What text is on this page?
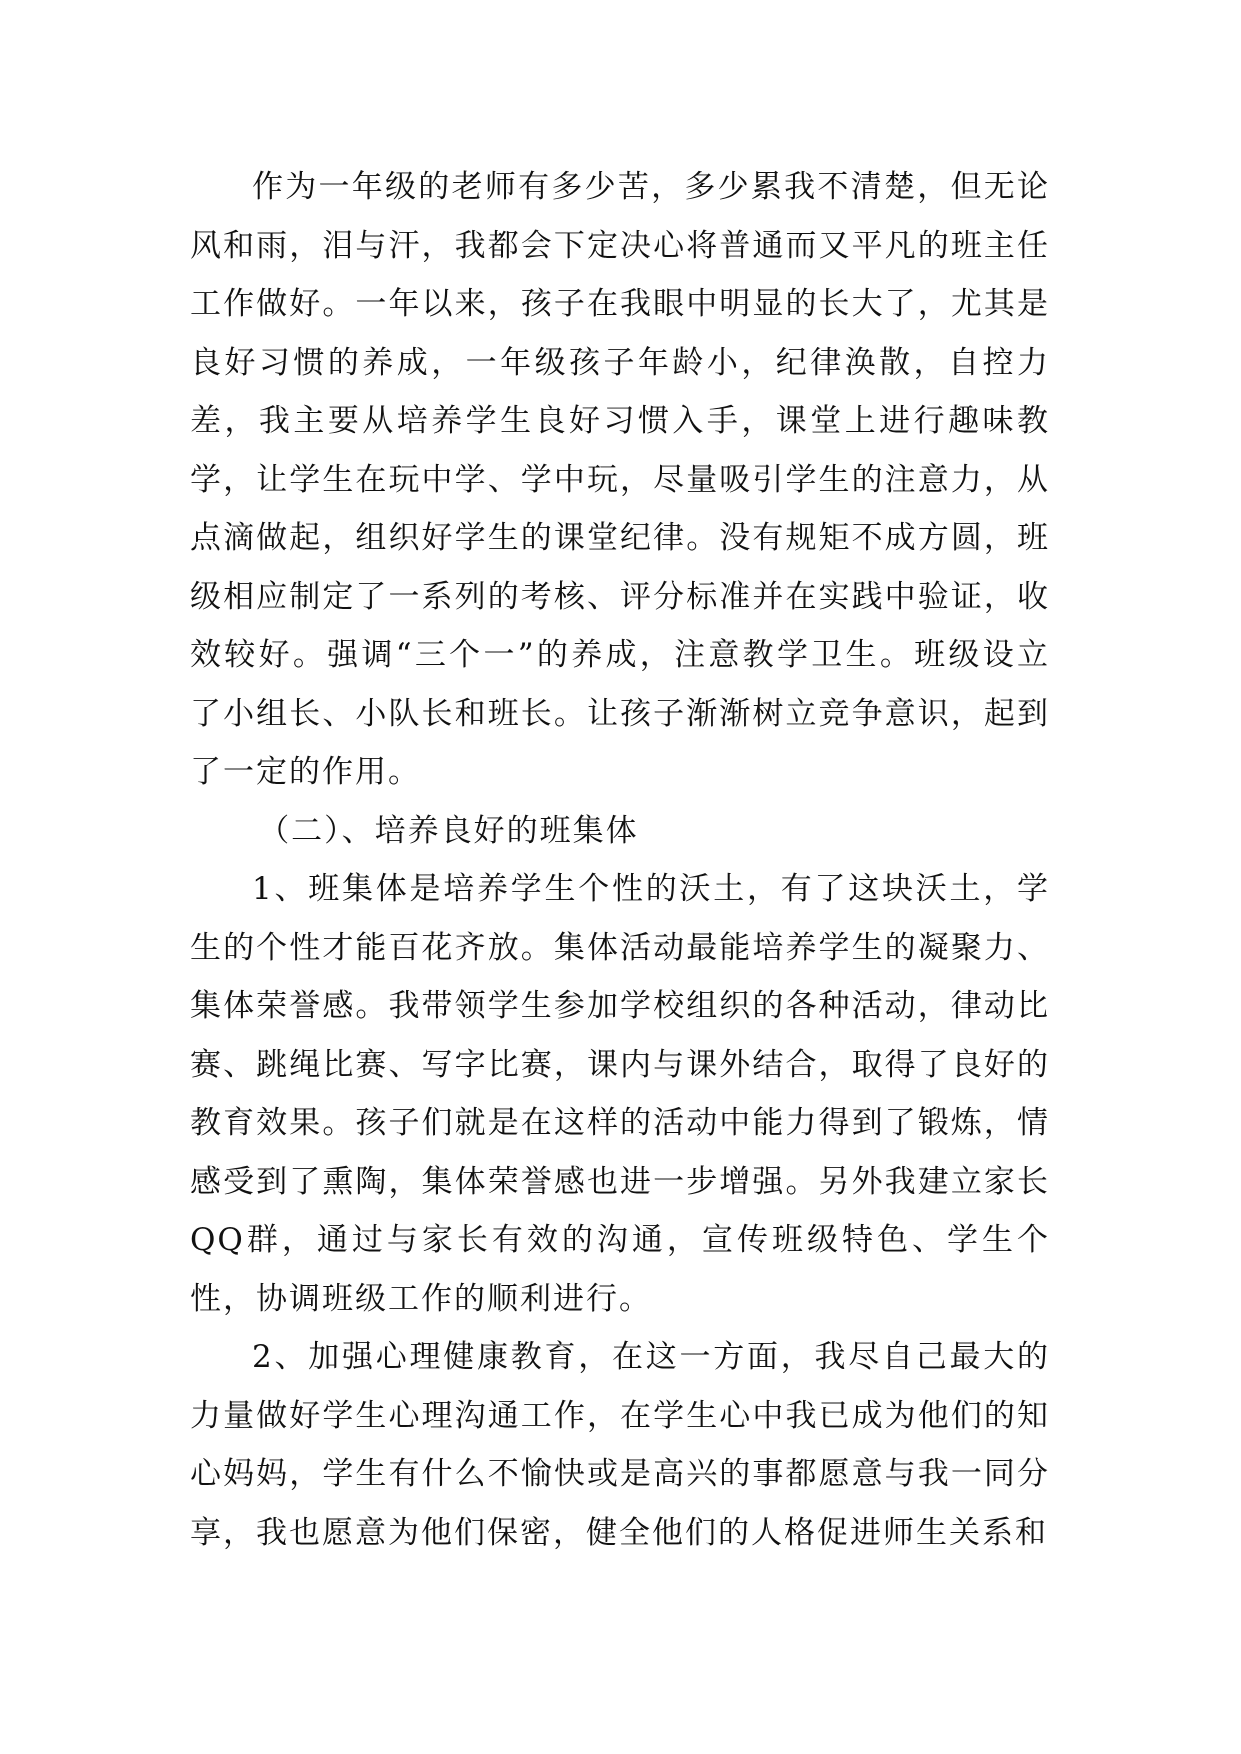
作为一年级的老师有多少苦，多少累我不清楚，但无论风和雨，泪与汗，我都会下定决心将普通而又平凡的班主任工作做好。一年以来，孩子在我眼中明显的长大了，尤其是良好习惯的养成，一年级孩子年龄小，纪律涣散，自控力差，我主要从培养学生良好习惯入手，课堂上进行趣味教学，让学生在玩中学、学中玩，尽量吸引学生的注意力，从点滴做起，组织好学生的课堂纪律。没有规矩不成方圆，班级相应制定了一系列的考核、评分标准并在实践中验证，收效较好。强调“三个一”的养成，注意教学卫生。班级设立了小组长、小队长和班长。让孩子渐渐树立竞争意识，起到了一定的作用。

（二）、培养良好的班集体

1、班集体是培养学生个性的沃土，有了这块沃土，学生的个性才能百花齐放。集体活动最能培养学生的凝聚力、集体荣誉感。我带领学生参加学校组织的各种活动，律动比赛、跳绳比赛、写字比赛，课内与课外结合，取得了良好的教育效果。孩子们就是在这样的活动中能力得到了锻炼，情感受到了熏陶，集体荣誉感也进一步增强。另外我建立家长QQ群，通过与家长有效的沟通，宣传班级特色、学生个性，协调班级工作的顺利进行。

2、加强心理健康教育，在这一方面，我尽自己最大的力量做好学生心理沟通工作，在学生心中我已成为他们的知心妈妈，学生有什么不愉快或是高兴的事都愿意与我一同分享，我也愿意为他们保密，健全他们的人格促进师生关系和
